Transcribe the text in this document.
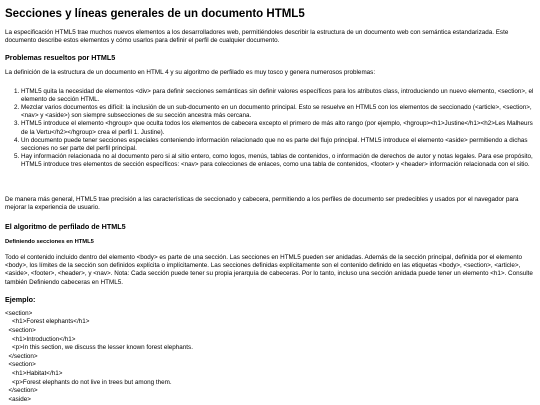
Secciones y líneas generales de un documento HTML5

La especificación HTML5 trae muchos nuevos elementos a los desarrolladores web, permitiéndoles describir la estructura de un documento web con semántica estandarizada. Este documento describe estos elementos y cómo usarlos para definir el perfil de cualquier documento.

Problemas resueltos por HTML5

La definición de la estructura de un documento en HTML 4 y su algoritmo de perfilado es muy tosco y genera numerosos problemas:

1. HTML5 quita la necesidad de elementos <div> para definir secciones semánticas sin definir valores específicos para los atributos class, introduciendo un nuevo elemento, <section>, el elemento de sección HTML.
2. Mezclar varios documentos es difícil: la inclusión de un sub-documento en un documento principal. Esto se resuelve en HTML5 con los elementos de seccionado (<article>, <section>, <nav> y <aside>) son siempre subsecciones de su sección ancestra más cercana.
3. HTML5 introduce el elemento <hgroup> que oculta todos los elementos de cabecera excepto el primero de más alto rango (por ejemplo, <hgroup><h1>Justine</h1><h2>Les Malheurs de la Vertu</h2></hgroup> crea el perfil 1. Justine).
4. Un documento puede tener secciones especiales conteniendo información relacionado que no es parte del flujo principal. HTML5 introduce el elemento <aside> permitiendo a dichas secciones no ser parte del perfil principal.
5. Hay información relacionada no al documento pero si al sitio entero, como logos, menús, tablas de contenidos, o información de derechos de autor y notas legales. Para ese propósito, HTML5 introduce tres elementos de sección específicos: <nav> para colecciones de enlaces, como una tabla de contenidos, <footer> y <header> información relacionada con el sitio.

De manera más general, HTML5 trae precisión a las características de seccionado y cabecera, permitiendo a los perfiles de documento ser predecibles y usados por el navegador para mejorar la experiencia de usuario.

El algoritmo de perfilado de HTML5
Definiendo secciones en HTML5

Todo el contenido incluido dentro del elemento <body> es parte de una sección. Las secciones en HTML5 pueden ser anidadas. Además de la sección principal, definida por el elemento <body>, los límites de la sección son definidos explícita o implícitamente. Las secciones definidas explícitamente son el contenido definido en las etiquetas <body>, <section>, <article>, <aside>, <footer>, <header>, y <nav>. Nota: Cada sección puede tener su propia jerarquía de cabeceras. Por lo tanto, incluso una sección anidada puede tener un elemento <h1>. Consulte también Definiendo cabeceras en HTML5.

Ejemplo:
<section>
<h1>Forest elephants</h1>
<section>
<h1>Introduction</h1>
<p>In this section, we discuss the lesser known forest elephants.
</section>
<section>
<h1>Habitat</h1>
<p>Forest elephants do not live in trees but among them.
</section>
<aside>
